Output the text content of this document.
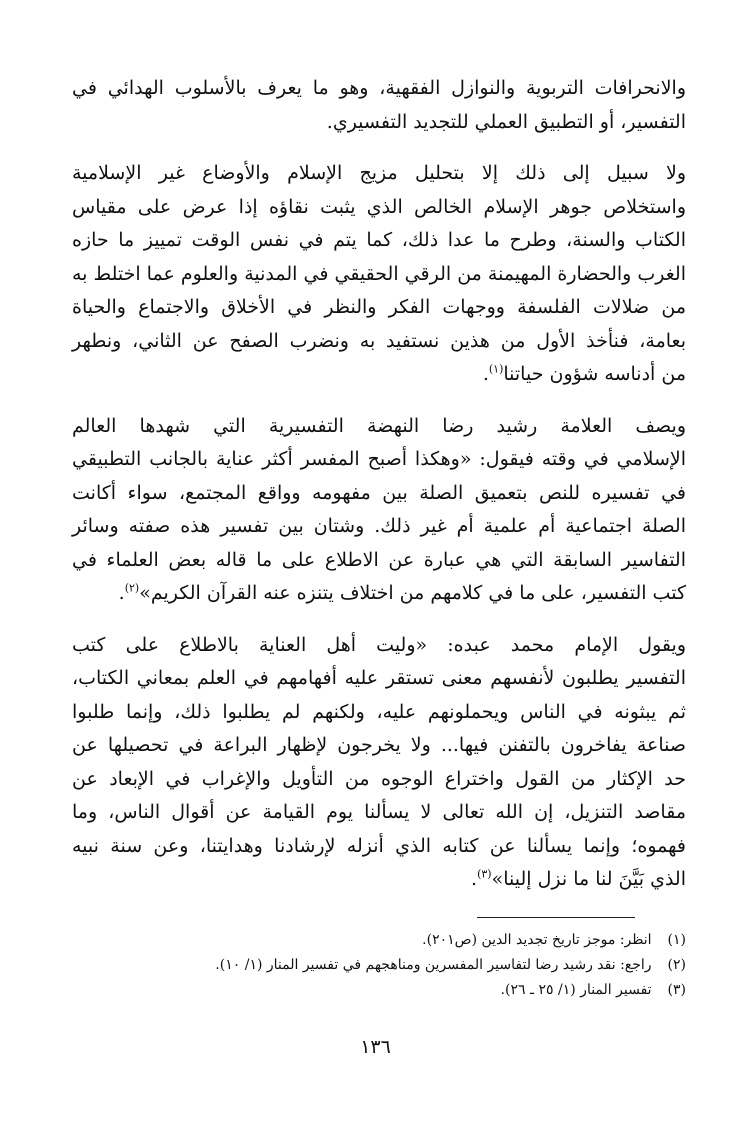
والانحرافات التربوية والنوازل الفقهية، وهو ما يعرف بالأسلوب الهدائي في
التفسير، أو التطبيق العملي للتجديد التفسيري.

ولا سبيل إلى ذلك إلا بتحليل مزيج الإسلام والأوضاع غير الإسلامية
واستخلاص جوهر الإسلام الخالص الذي يثبت نقاؤه إذا عرض على مقياس
الكتاب والسنة، وطرح ما عدا ذلك، كما يتم في نفس الوقت تمييز ما حازه
الغرب والحضارة المهيمنة من الرقي الحقيقي في المدنية والعلوم عما اختلط به
من ضلالات الفلسفة ووجهات الفكر والنظر في الأخلاق والاجتماع والحياة
بعامة، فنأخذ الأول من هذين نستفيد به ونضرب الصفح عن الثاني، ونطهر
من أدناسه شؤون حياتنا$^{(١)}$.

ويصف العلامة رشيد رضا النهضة التفسيرية التي شهدها العالم
الإسلامي في وقته فيقول: «وهكذا أصبح المفسر أكثر عناية بالجانب التطبيقي
في تفسيره للنص بتعميق الصلة بين مفهومه وواقع المجتمع، سواء أكانت
الصلة اجتماعية أم علمية أم غير ذلك. وشتان بين تفسير هذه صفته وسائر
التفاسير السابقة التي هي عبارة عن الاطلاع على ما قاله بعض العلماء في
كتب التفسير، على ما في كلامهم من اختلاف يتنزه عنه القرآن الكريم»$^{(٢)}$.

ويقول الإمام محمد عبده: «وليت أهل العناية بالاطلاع على كتب
التفسير يطلبون لأنفسهم معنى تستقر عليه أفهامهم في العلم بمعاني الكتاب،
ثم يبثونه في الناس ويحملونهم عليه، ولكنهم لم يطلبوا ذلك، وإنما طلبوا
صناعة يفاخرون بالتفنن فيها... ولا يخرجون لإظهار البراعة في تحصيلها عن
حد الإكثار من القول واختراع الوجوه من التأويل والإغراب في الإبعاد عن
مقاصد التنزيل، إن الله تعالى لا يسألنا يوم القيامة عن أقوال الناس، وما
فهموه؛ وإنما يسألنا عن كتابه الذي أنزله لإرشادنا وهدايتنا، وعن سنة نبيه
الذي بَيَّنَ لنا ما نزل إلينا»$^{(٣)}$.

(١) انظر: موجز تاريخ تجديد الدين (ص٢٠١).
(٢) راجع: نقد رشيد رضا لتفاسير المفسرين ومناهجهم في تفسير المنار (١/ ١٠).
(٣) تفسير المنار (١/ ٢٥ ـ ٢٦).
١٣٦
